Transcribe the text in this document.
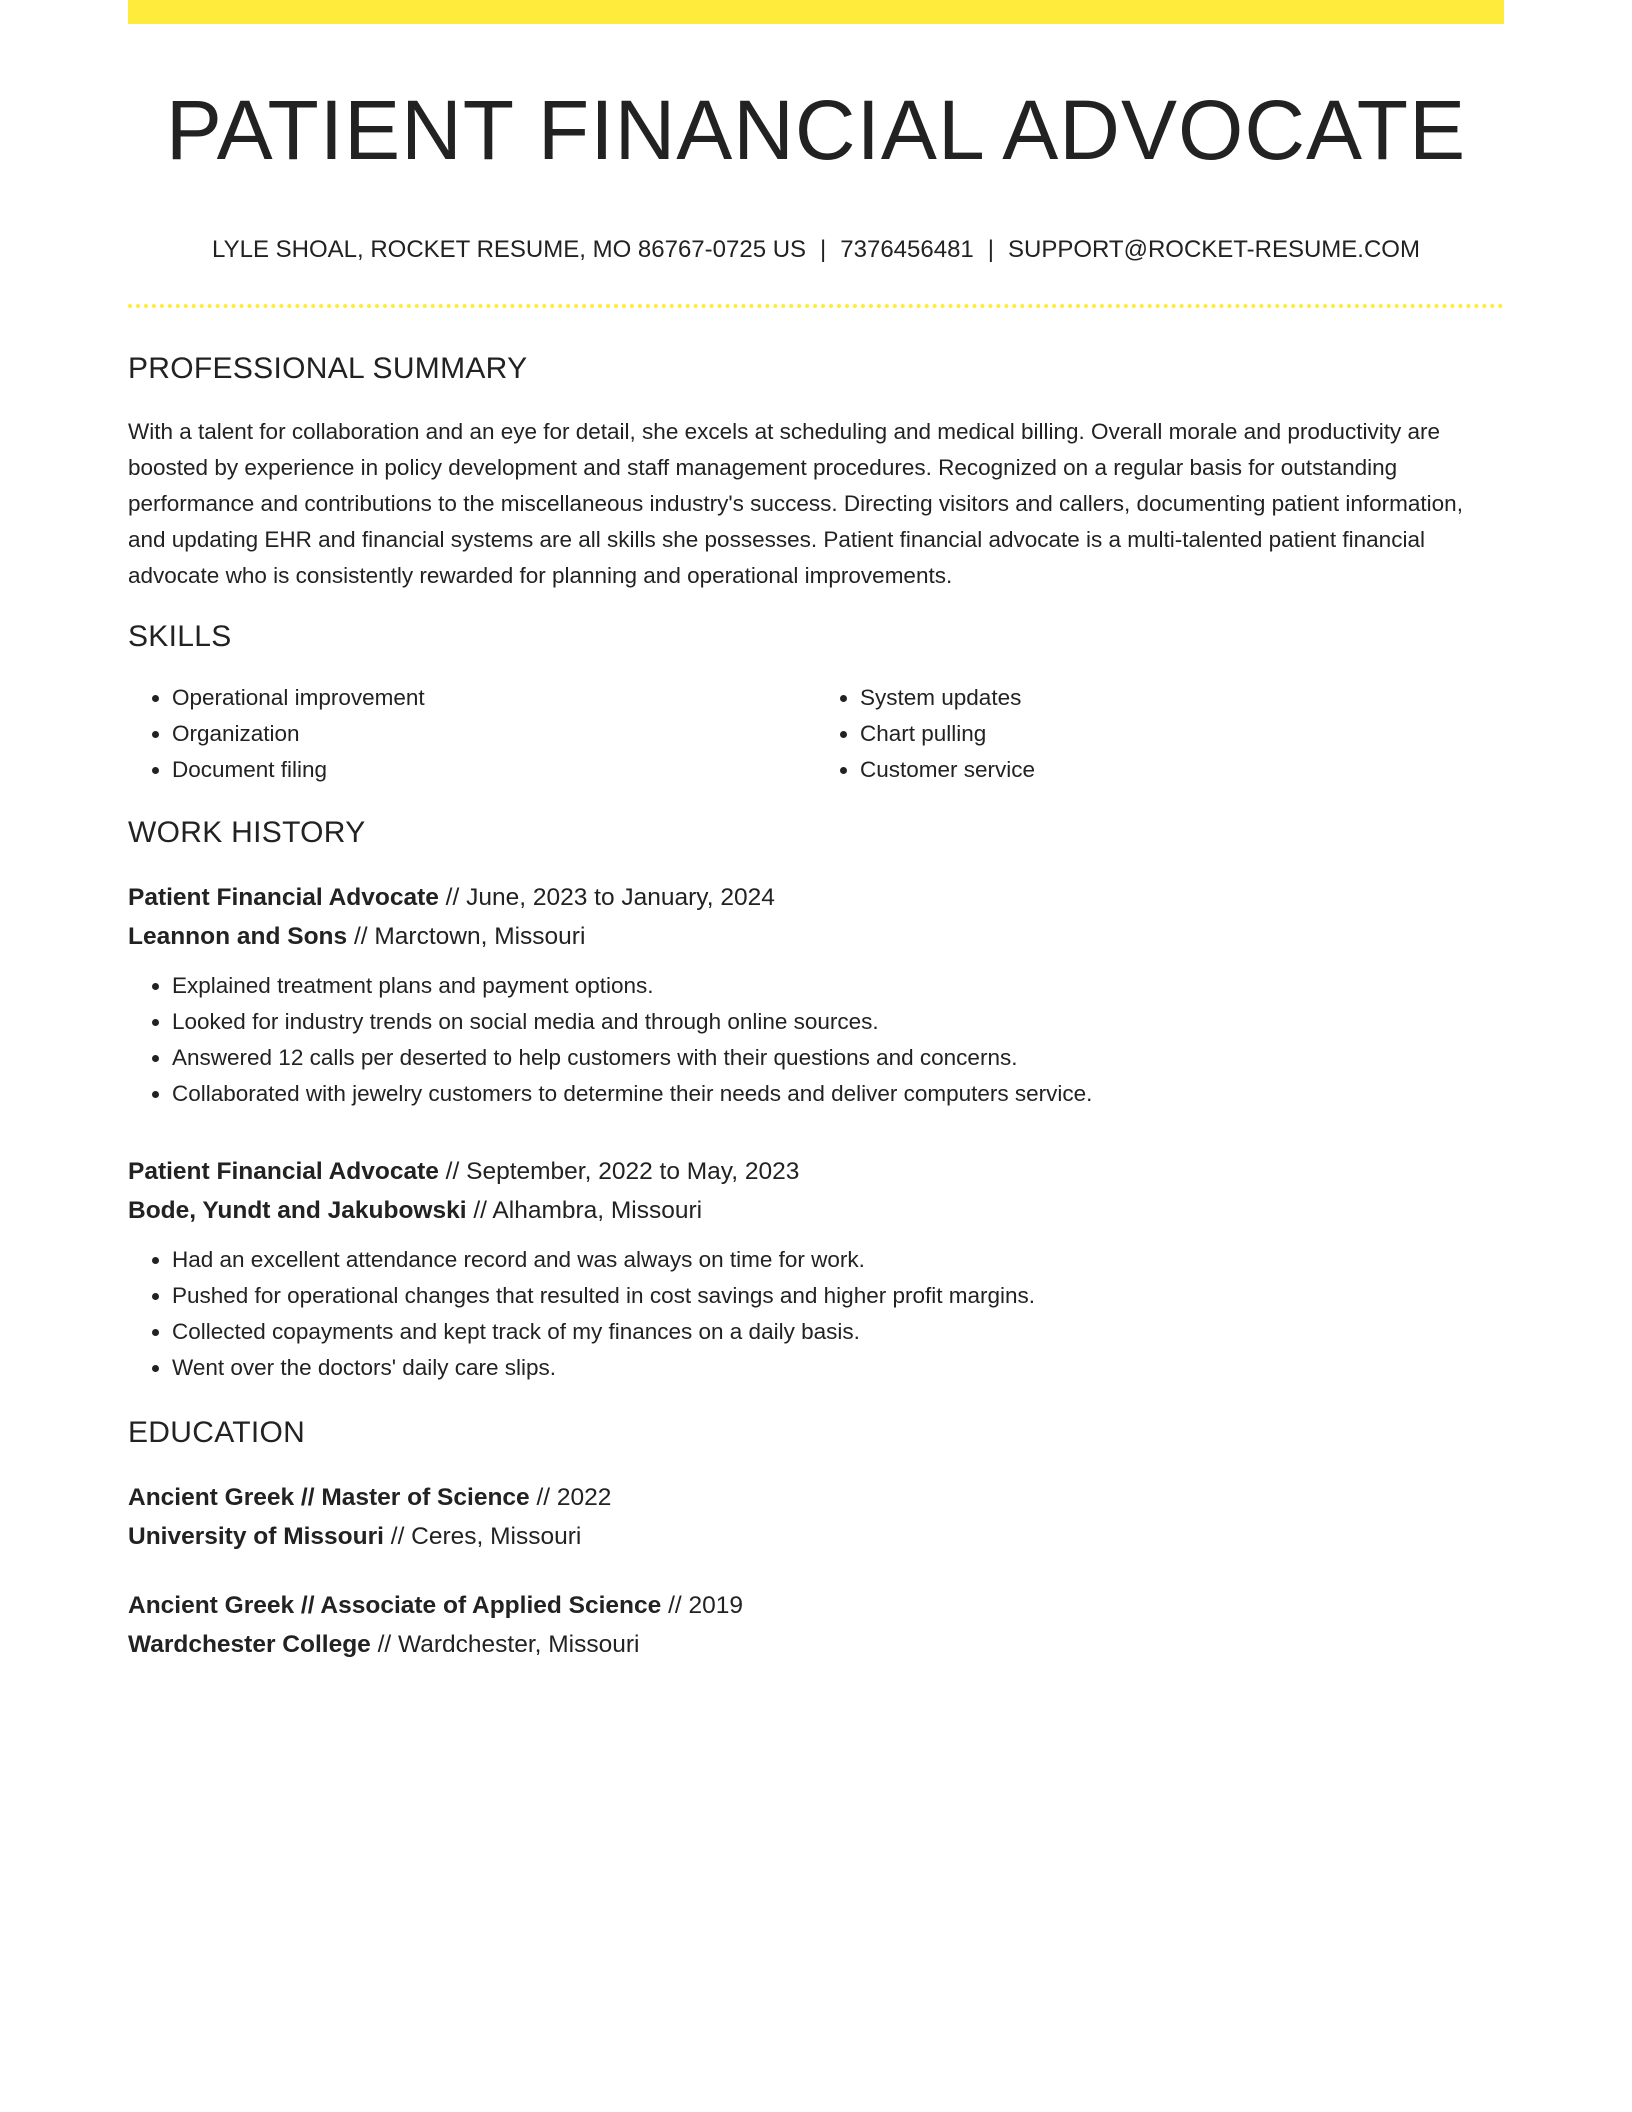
PATIENT FINANCIAL ADVOCATE
LYLE SHOAL, ROCKET RESUME, MO 86767-0725 US | 7376456481 | SUPPORT@ROCKET-RESUME.COM
PROFESSIONAL SUMMARY

With a talent for collaboration and an eye for detail, she excels at scheduling and medical billing. Overall morale and productivity are boosted by experience in policy development and staff management procedures. Recognized on a regular basis for outstanding performance and contributions to the miscellaneous industry's success. Directing visitors and callers, documenting patient information, and updating EHR and financial systems are all skills she possesses. Patient financial advocate is a multi-talented patient financial advocate who is consistently rewarded for planning and operational improvements.

SKILLS
• Operational improvement
• Organization
• Document filing
• System updates
• Chart pulling
• Customer service
WORK HISTORY
Patient Financial Advocate // June, 2023 to January, 2024
Leannon and Sons // Marctown, Missouri
• Explained treatment plans and payment options.
• Looked for industry trends on social media and through online sources.
• Answered 12 calls per deserted to help customers with their questions and concerns.
• Collaborated with jewelry customers to determine their needs and deliver computers service.
Patient Financial Advocate // September, 2022 to May, 2023
Bode, Yundt and Jakubowski // Alhambra, Missouri
• Had an excellent attendance record and was always on time for work.
• Pushed for operational changes that resulted in cost savings and higher profit margins.
• Collected copayments and kept track of my finances on a daily basis.
• Went over the doctors' daily care slips.
EDUCATION
Ancient Greek // Master of Science // 2022
University of Missouri // Ceres, Missouri
Ancient Greek // Associate of Applied Science // 2019
Wardchester College // Wardchester, Missouri
